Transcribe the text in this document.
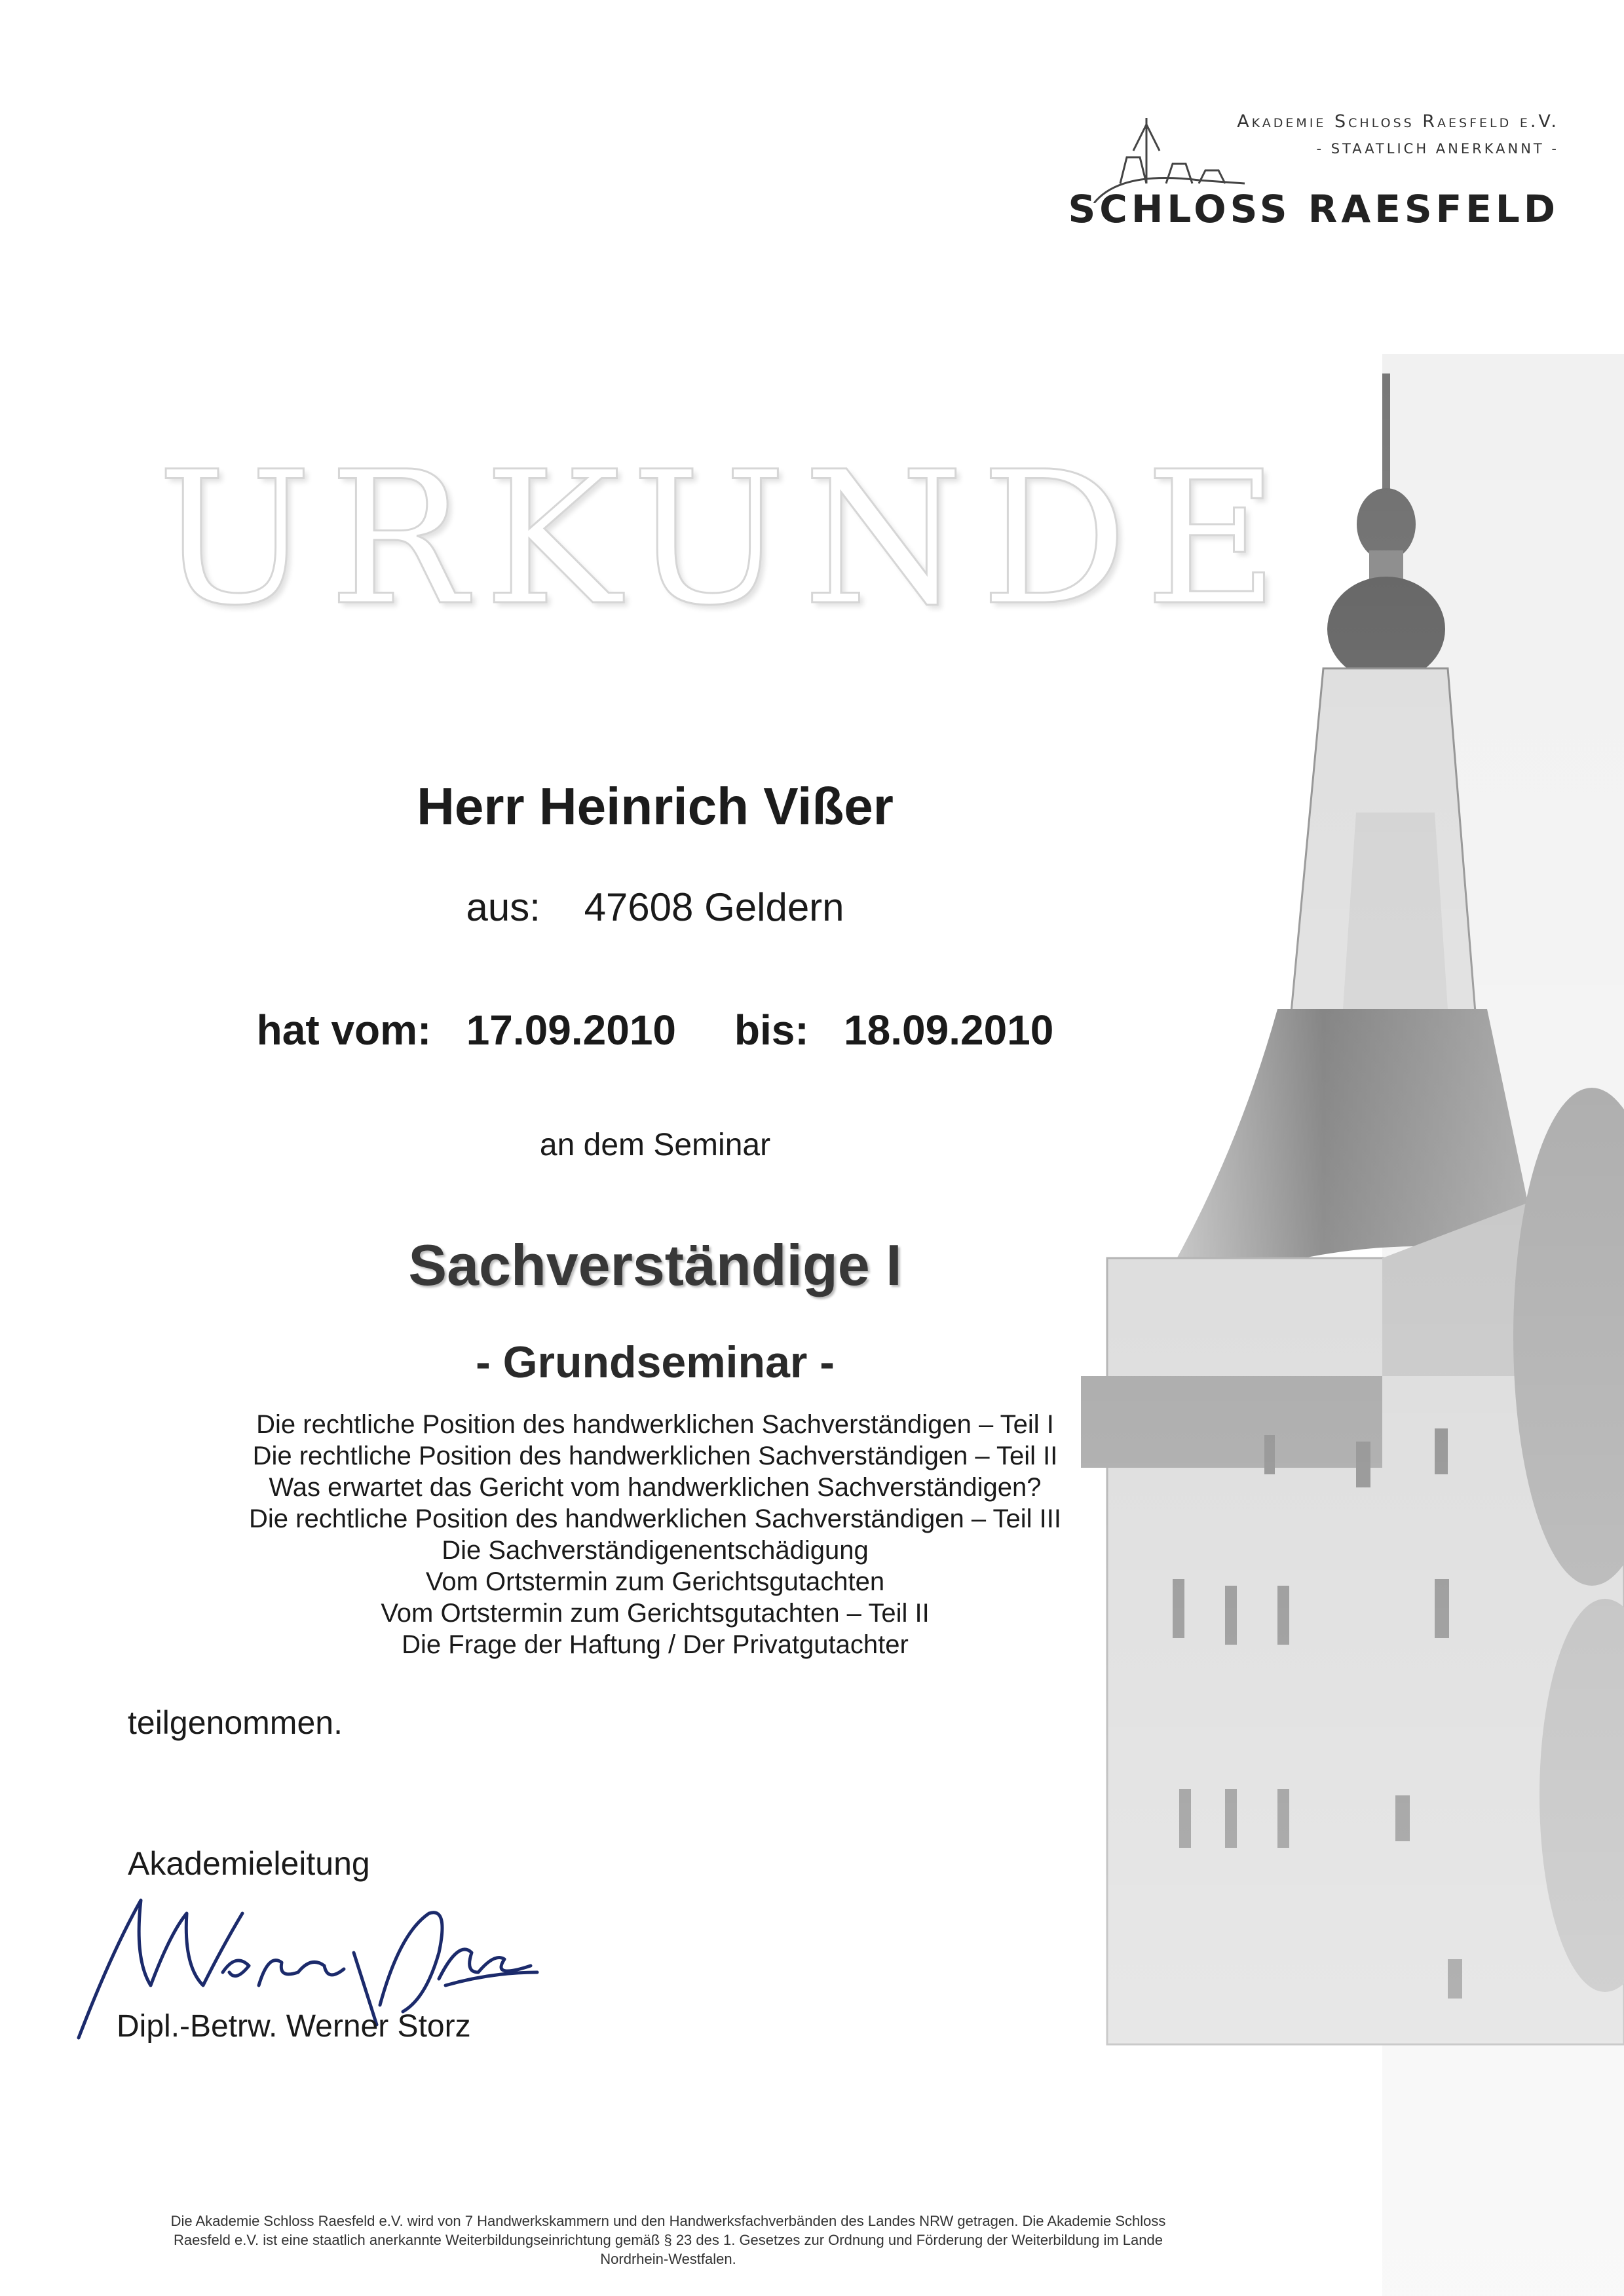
Akademie Schloss Raesfeld e.V.
- STAATLICH ANERKANNT -
SCHLOSS RAESFELD
URKUNDE
Herr Heinrich Vißer
aus: 47608 Geldern
hat vom: 17.09.2010 bis: 18.09.2010
an dem Seminar
Sachverständige I
- Grundseminar -
Die rechtliche Position des handwerklichen Sachverständigen – Teil I
Die rechtliche Position des handwerklichen Sachverständigen – Teil II
Was erwartet das Gericht vom handwerklichen Sachverständigen?
Die rechtliche Position des handwerklichen Sachverständigen – Teil III
Die Sachverständigenentschädigung
Vom Ortstermin zum Gerichtsgutachten
Vom Ortstermin zum Gerichtsgutachten – Teil II
Die Frage der Haftung / Der Privatgutachter
teilgenommen.
Akademieleitung
Dipl.-Betrw. Werner Storz
Die Akademie Schloss Raesfeld e.V. wird von 7 Handwerkskammern und den Handwerksfachverbänden des Landes NRW getragen. Die Akademie Schloss
Raesfeld e.V. ist eine staatlich anerkannte Weiterbildungseinrichtung gemäß § 23 des 1. Gesetzes zur Ordnung und Förderung der Weiterbildung im Lande
Nordrhein-Westfalen.
